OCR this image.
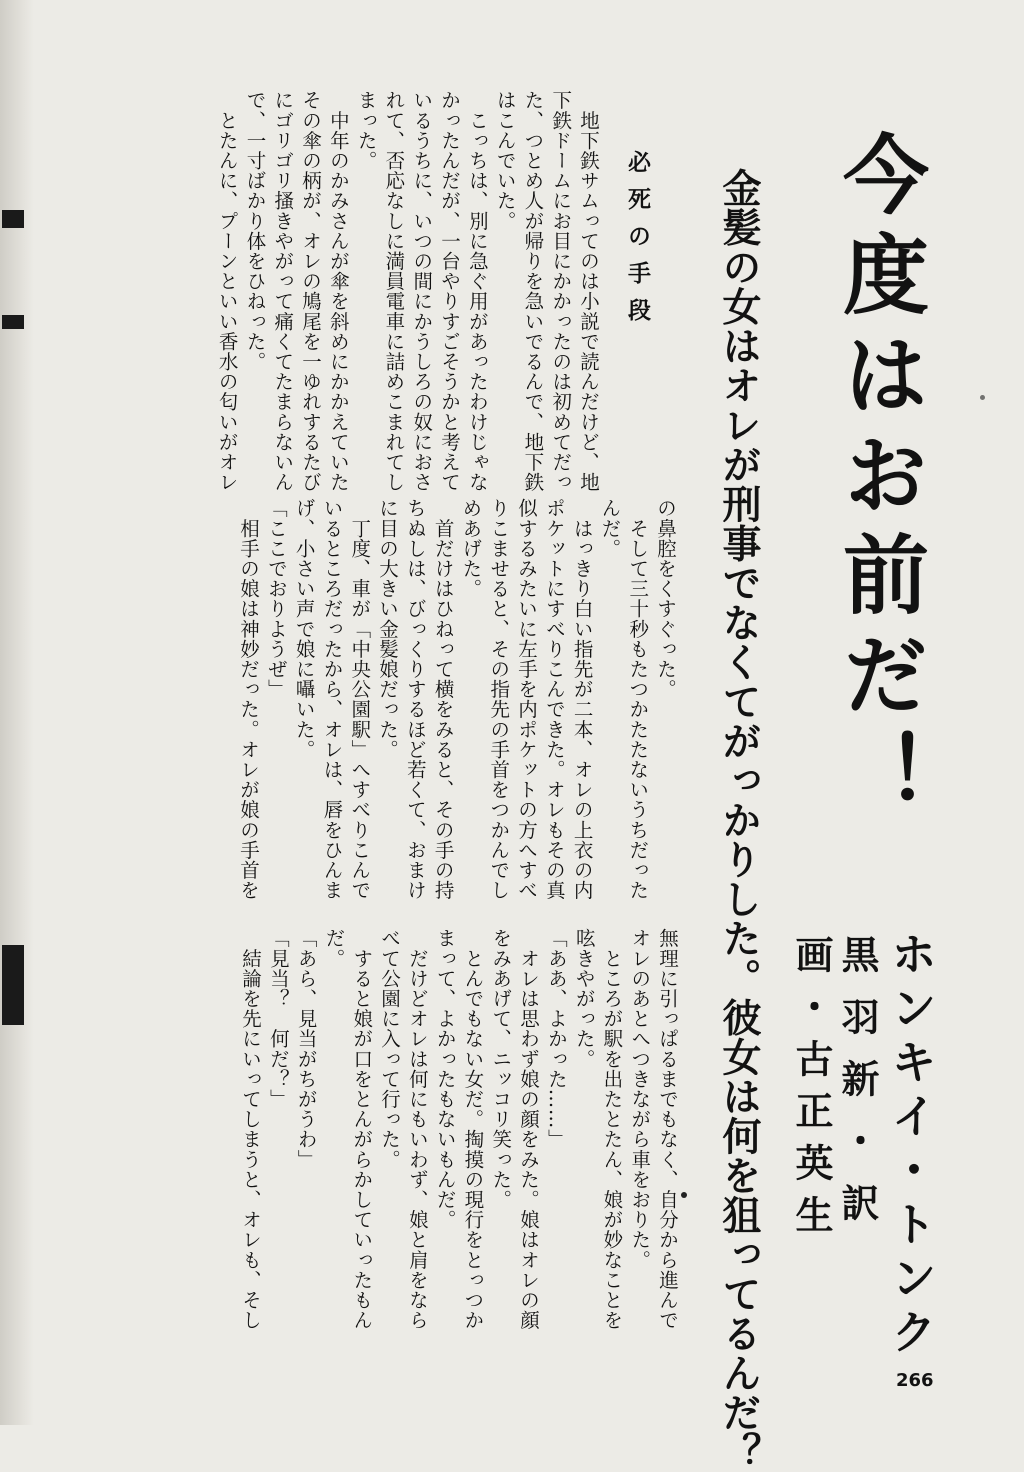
今度はお前だ！
金髪の女はオレが刑事でなくてがっかりした。彼女は何を狙ってるんだ？	ホンキイ・トンク
黒羽新・訳
画・古正英生
必死の手段
　地下鉄サムってのは小説で読んだけど、地
下鉄ドームにお目にかかったのは初めてだっ
た、つとめ人が帰りを急いでるんで、地下鉄
はこんでいた。
　こっちは、別に急ぐ用があったわけじゃな
かったんだが、一台やりすごそうかと考えて
いるうちに、いつの間にかうしろの奴におさ
れて、否応なしに満員電車に詰めこまれてし
まった。
　中年のかみさんが傘を斜めにかかえていた
その傘の柄が、オレの鳩尾を一ゆれするたび
にゴリゴリ搔きやがって痛くてたまらないん
で、一寸ばかり体をひねった。
　とたんに、プーンといい香水の匂いがオレ
の鼻腔をくすぐった。
　そして三十秒もたつかたたないうちだった
んだ。
　はっきり白い指先が二本、オレの上衣の内
ポケットにすべりこんできた。オレもその真
似するみたいに左手を内ポケットの方へすべ
りこませると、その指先の手首をつかんでし
めあげた。
　首だけはひねって横をみると、その手の持
ちぬしは、びっくりするほど若くて、おまけ
に目の大きい金髪娘だった。
　丁度、車が「中央公園駅」へすべりこんで
いるところだったから、オレは、唇をひんま
げ、小さい声で娘に囁いた。
「ここでおりようぜ」
　相手の娘は神妙だった。オレが娘の手首を
無理に引っぱるまでもなく、自分から進んで
オレのあとへつきながら車をおりた。
　ところが駅を出たとたん、娘が妙なことを
呟きやがった。
「ああ、よかった……」
　オレは思わず娘の顔をみた。娘はオレの顔
をみあげて、ニッコリ笑った。
　とんでもない女だ。掏摸の現行をとっつか
まって、よかったもないもんだ。
　だけどオレは何にもいわず、娘と肩をなら
べて公園に入って行った。
　すると娘が口をとんがらかしていったもん
だ。
「あら、見当がちがうわ」
「見当？　何だ？」
　結論を先にいってしまうと、オレも、そし
266
